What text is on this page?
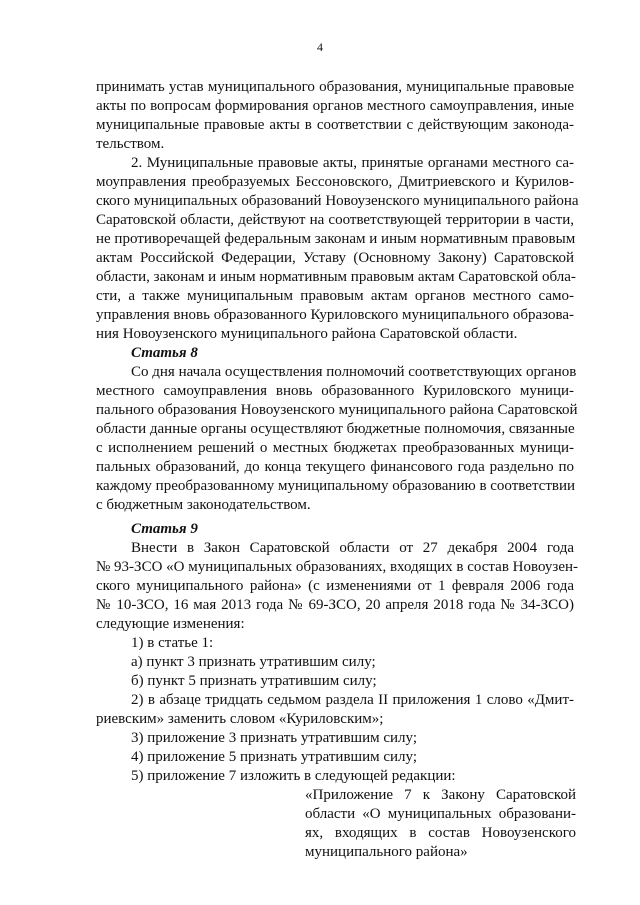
4
принимать устав муниципального образования, муниципальные правовые
акты по вопросам формирования органов местного самоуправления, иные
муниципальные правовые акты в соответствии с действующим законода-
тельством.
2. Муниципальные правовые акты, принятые органами местного са-
моуправления преобразуемых Бессоновского, Дмитриевского и Курилов-
ского муниципальных образований Новоузенского муниципального района
Саратовской области, действуют на соответствующей территории в части,
не противоречащей федеральным законам и иным нормативным правовым
актам Российской Федерации, Уставу (Основному Закону) Саратовской
области, законам и иным нормативным правовым актам Саратовской обла-
сти, а также муниципальным правовым актам органов местного само-
управления вновь образованного Куриловского муниципального образова-
ния Новоузенского муниципального района Саратовской области.
Статья 8
Со дня начала осуществления полномочий соответствующих органов
местного самоуправления вновь образованного Куриловского муници-
пального образования Новоузенского муниципального района Саратовской
области данные органы осуществляют бюджетные полномочия, связанные
с исполнением решений о местных бюджетах преобразованных муници-
пальных образований, до конца текущего финансового года раздельно по
каждому преобразованному муниципальному образованию в соответствии
с бюджетным законодательством.
Статья 9
Внести в Закон Саратовской области от 27 декабря 2004 года
№ 93-ЗСО «О муниципальных образованиях, входящих в состав Новоузен-
ского муниципального района» (с изменениями от 1 февраля 2006 года
№ 10-ЗСО, 16 мая 2013 года № 69-ЗСО, 20 апреля 2018 года № 34-ЗСО)
следующие изменения:
1) в статье 1:
а) пункт 3 признать утратившим силу;
б) пункт 5 признать утратившим силу;
2) в абзаце тридцать седьмом раздела II приложения 1 слово «Дмит-
риевским» заменить словом «Куриловским»;
3) приложение 3 признать утратившим силу;
4) приложение 5 признать утратившим силу;
5) приложение 7 изложить в следующей редакции:
«Приложение 7 к Закону Саратовской
области «О муниципальных образовани-
ях, входящих в состав Новоузенского
муниципального района»
